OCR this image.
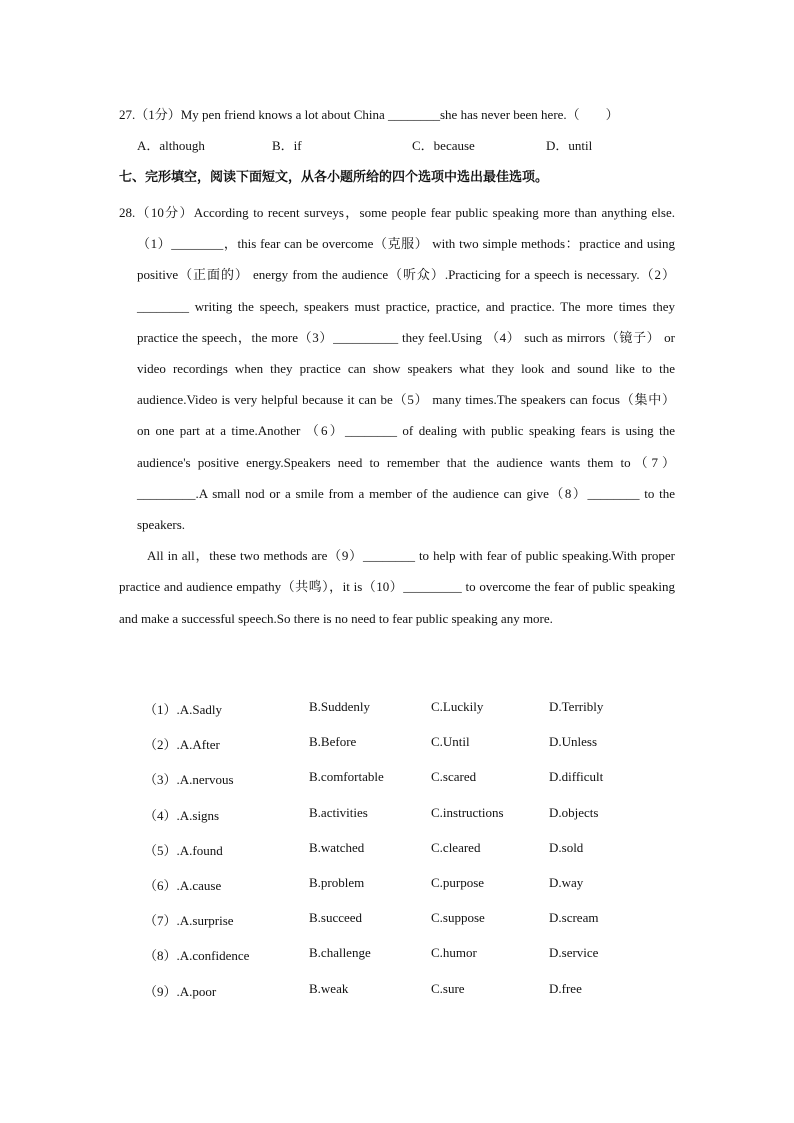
27.（1分）My pen friend knows a lot about China ________she has never been here.（　　）
A．although	B．if	C．because	D．until
七、完形填空，阅读下面短文，从各小题所给的四个选项中选出最佳选项。

28.（10分）According to recent surveys，some people fear public speaking more than anything else.（1）________，this fear can be overcome（克服） with two simple methods：practice and using positive（正面的） energy from the audience（听众）.Practicing for a speech is necessary.（2）________ writing the speech, speakers must practice, practice, and practice. The more times they practice the speech，the more（3）__________ they feel.Using （4） such as mirrors（镜子） or video recordings when they practice can show speakers what they look and sound like to the audience.Video is very helpful because it can be（5） many times.The speakers can focus（集中） on one part at a time.Another （6）________ of dealing with public speaking fears is using the audience's positive energy.Speakers need to remember that the audience wants them to（7）_________.A small nod or a smile from a member of the audience can give（8）________ to the speakers.

All in all，these two methods are（9）________ to help with fear of public speaking.With proper practice and audience empathy（共鸣），it is（10）_________ to overcome the fear of public speaking and make a successful speech.So there is no need to fear public speaking any more.

（1）.A.Sadly	B.Suddenly	C.Luckily	D.Terribly
（2）.A.After	B.Before	C.Until	D.Unless
（3）.A.nervous	B.comfortable	C.scared	D.difficult
（4）.A.signs	B.activities	C.instructions	D.objects
（5）.A.found	B.watched	C.cleared	D.sold
（6）.A.cause	B.problem	C.purpose	D.way
（7）.A.surprise	B.succeed	C.suppose	D.scream
（8）.A.confidence	B.challenge	C.humor	D.service
（9）.A.poor	B.weak	C.sure	D.free
